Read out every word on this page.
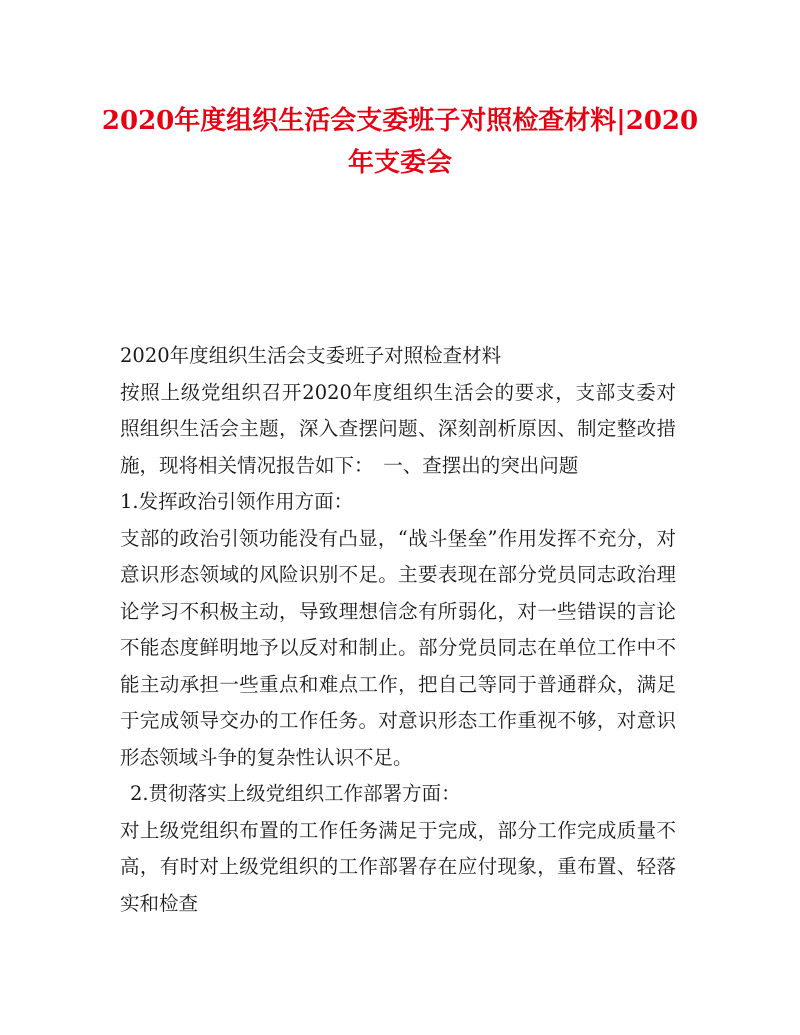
2020年度组织生活会支委班子对照检查材料|2020年支委会

2020年度组织生活会支委班子对照检查材料

按照上级党组织召开2020年度组织生活会的要求，支部支委对照组织生活会主题，深入查摆问题、深刻剖析原因、制定整改措施，现将相关情况报告如下：　一、查摆出的突出问题

1.发挥政治引领作用方面：

支部的政治引领功能没有凸显，“战斗堡垒”作用发挥不充分，对意识形态领域的风险识别不足。主要表现在部分党员同志政治理论学习不积极主动，导致理想信念有所弱化，对一些错误的言论不能态度鲜明地予以反对和制止。部分党员同志在单位工作中不能主动承担一些重点和难点工作，把自己等同于普通群众，满足于完成领导交办的工作任务。对意识形态工作重视不够，对意识形态领域斗争的复杂性认识不足。

2.贯彻落实上级党组织工作部署方面：

对上级党组织布置的工作任务满足于完成，部分工作完成质量不高，有时对上级党组织的工作部署存在应付现象，重布置、轻落实和检查
